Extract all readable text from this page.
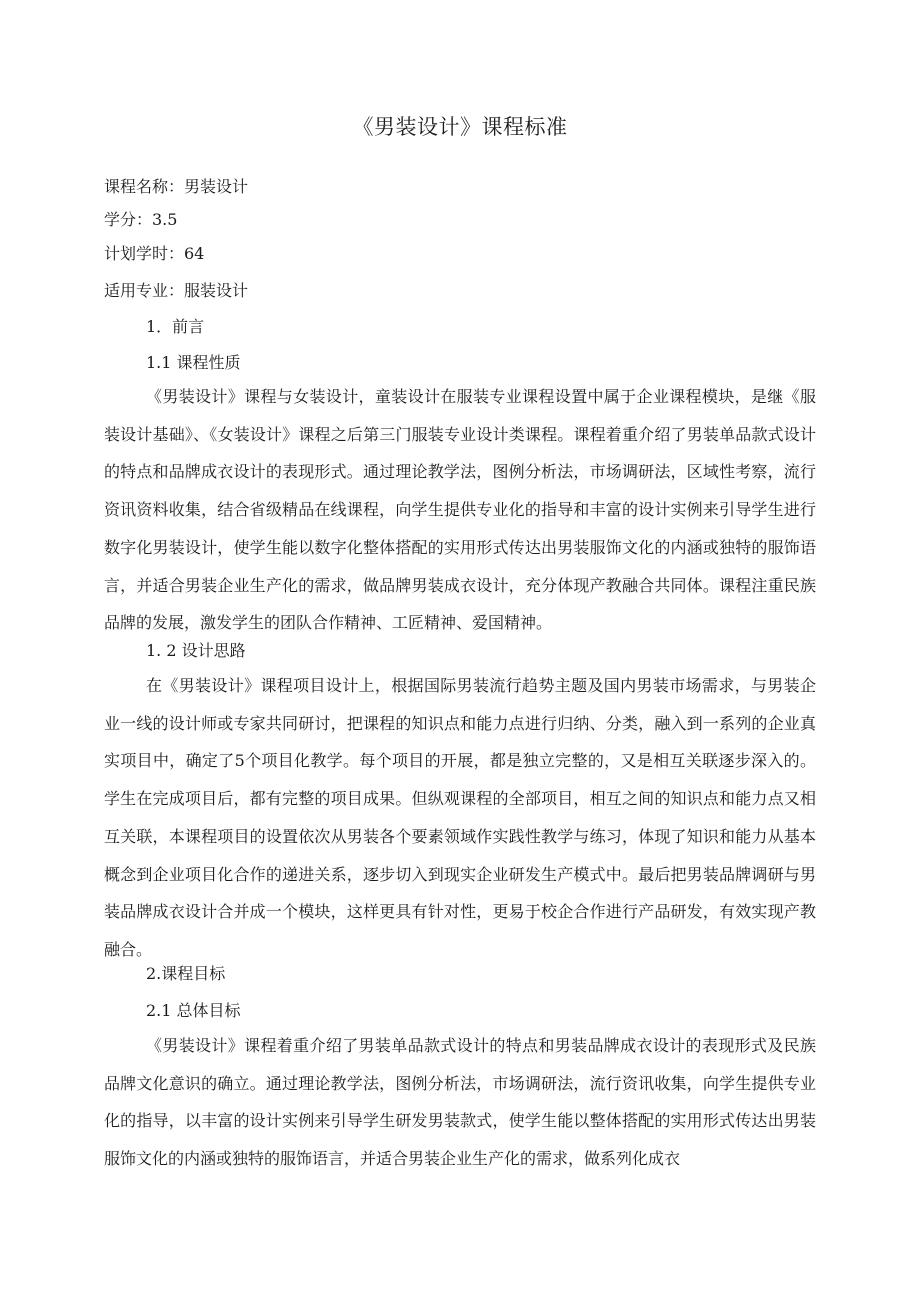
《男装设计》课程标准
课程名称：男装设计
学分：3.5
计划学时：64
适用专业：服装设计
1．前言
1.1 课程性质

《男装设计》课程与女装设计，童装设计在服装专业课程设置中属于企业课程模块，是继《服装设计基础》、《女装设计》课程之后第三门服装专业设计类课程。课程着重介绍了男装单品款式设计的特点和品牌成衣设计的表现形式。通过理论教学法，图例分析法，市场调研法，区域性考察，流行资讯资料收集，结合省级精品在线课程，向学生提供专业化的指导和丰富的设计实例来引导学生进行数字化男装设计，使学生能以数字化整体搭配的实用形式传达出男装服饰文化的内涵或独特的服饰语言，并适合男装企业生产化的需求，做品牌男装成衣设计，充分体现产教融合共同体。课程注重民族品牌的发展，激发学生的团队合作精神、工匠精神、爱国精神。

1. 2 设计思路

在《男装设计》课程项目设计上，根据国际男装流行趋势主题及国内男装市场需求，与男装企业一线的设计师或专家共同研讨，把课程的知识点和能力点进行归纳、分类，融入到一系列的企业真实项目中，确定了5个项目化教学。每个项目的开展，都是独立完整的，又是相互关联逐步深入的。学生在完成项目后，都有完整的项目成果。但纵观课程的全部项目，相互之间的知识点和能力点又相互关联，本课程项目的设置依次从男装各个要素领域作实践性教学与练习，体现了知识和能力从基本概念到企业项目化合作的递进关系，逐步切入到现实企业研发生产模式中。最后把男装品牌调研与男装品牌成衣设计合并成一个模块，这样更具有针对性，更易于校企合作进行产品研发，有效实现产教融合。

2.课程目标
2.1 总体目标

《男装设计》课程着重介绍了男装单品款式设计的特点和男装品牌成衣设计的表现形式及民族品牌文化意识的确立。通过理论教学法，图例分析法，市场调研法，流行资讯收集，向学生提供专业化的指导，以丰富的设计实例来引导学生研发男装款式，使学生能以整体搭配的实用形式传达出男装服饰文化的内涵或独特的服饰语言，并适合男装企业生产化的需求，做系列化成衣
